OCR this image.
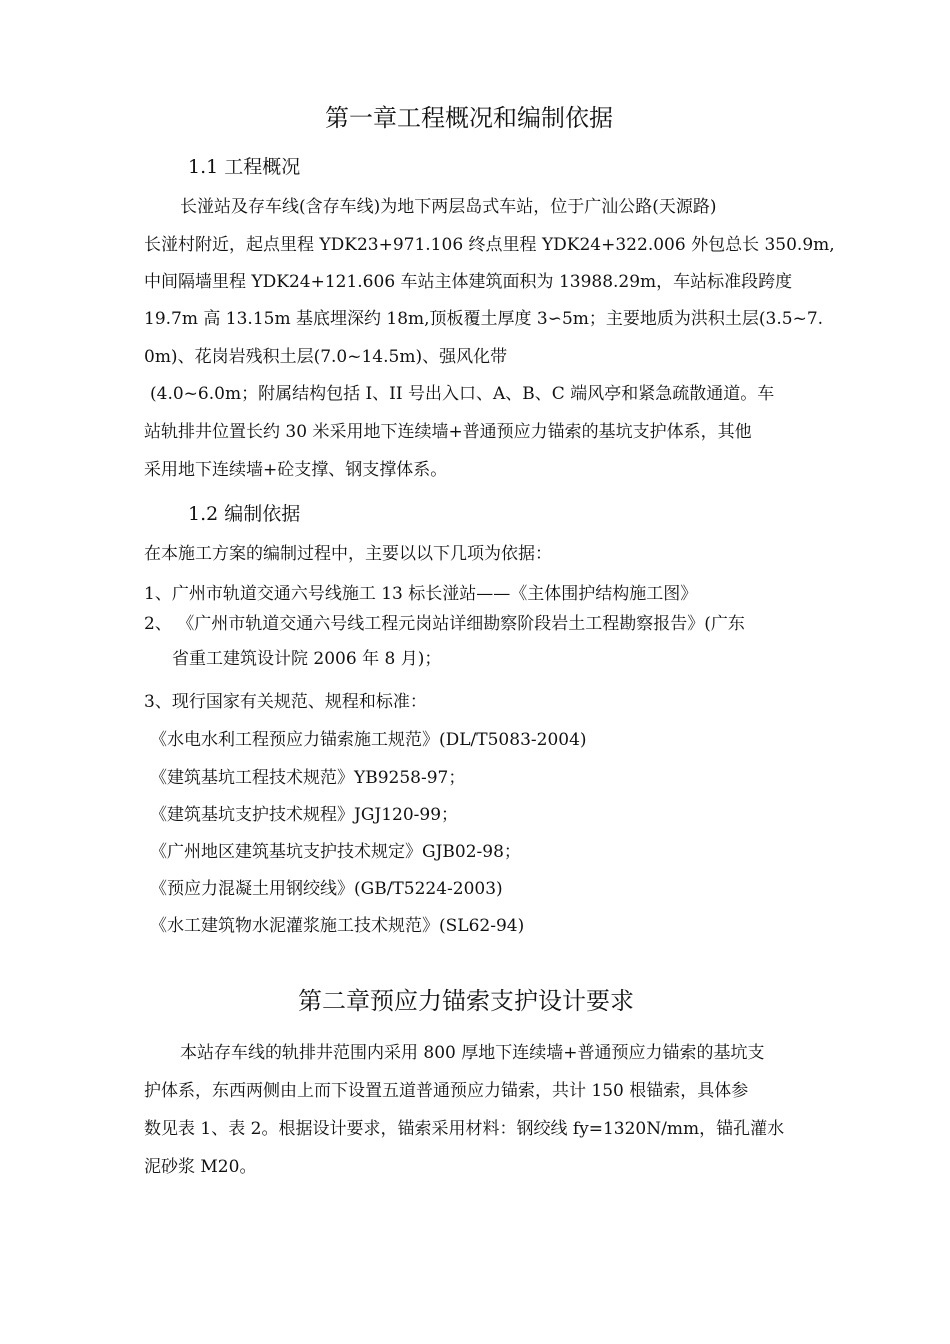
第一章工程概况和编制依据
1.1 工程概况
长湴站及存车线(含存车线)为地下两层岛式车站，位于广汕公路(天源路)
长湴村附近，起点里程 YDK23+971.106 终点里程 YDK24+322.006 外包总长 350.9m,
中间隔墙里程 YDK24+121.606 车站主体建筑面积为 13988.29m，车站标准段跨度
19.7m 高 13.15m 基底埋深约 18m,顶板覆土厚度 3∽5m；主要地质为洪积土层(3.5~7.
0m)、花岗岩残积土层(7.0~14.5m)、强风化带
(4.0~6.0m；附属结构包括 I、II 号出入口、A、B、C 端风亭和紧急疏散通道。车
站轨排井位置长约 30 米采用地下连续墙+普通预应力锚索的基坑支护体系，其他
采用地下连续墙+砼支撑、钢支撑体系。
1.2 编制依据
在本施工方案的编制过程中，主要以以下几项为依据：
1、广州市轨道交通六号线施工 13 标长湴站——《主体围护结构施工图》
2、 《广州市轨道交通六号线工程元岗站详细勘察阶段岩土工程勘察报告》(广东
省重工建筑设计院 2006 年 8 月)；
3、现行国家有关规范、规程和标准：
《水电水利工程预应力锚索施工规范》(DL/T5083-2004)
《建筑基坑工程技术规范》YB9258-97；
《建筑基坑支护技术规程》JGJ120-99；
《广州地区建筑基坑支护技术规定》GJB02-98；
《预应力混凝土用钢绞线》(GB/T5224-2003)
《水工建筑物水泥灌浆施工技术规范》(SL62-94)
第二章预应力锚索支护设计要求
本站存车线的轨排井范围内采用 800 厚地下连续墙+普通预应力锚索的基坑支
护体系，东西两侧由上而下设置五道普通预应力锚索，共计 150 根锚索，具体参
数见表 1、表 2。根据设计要求，锚索采用材料：钢绞线 fy=1320N/mm，锚孔灌水
泥砂浆 M20。
